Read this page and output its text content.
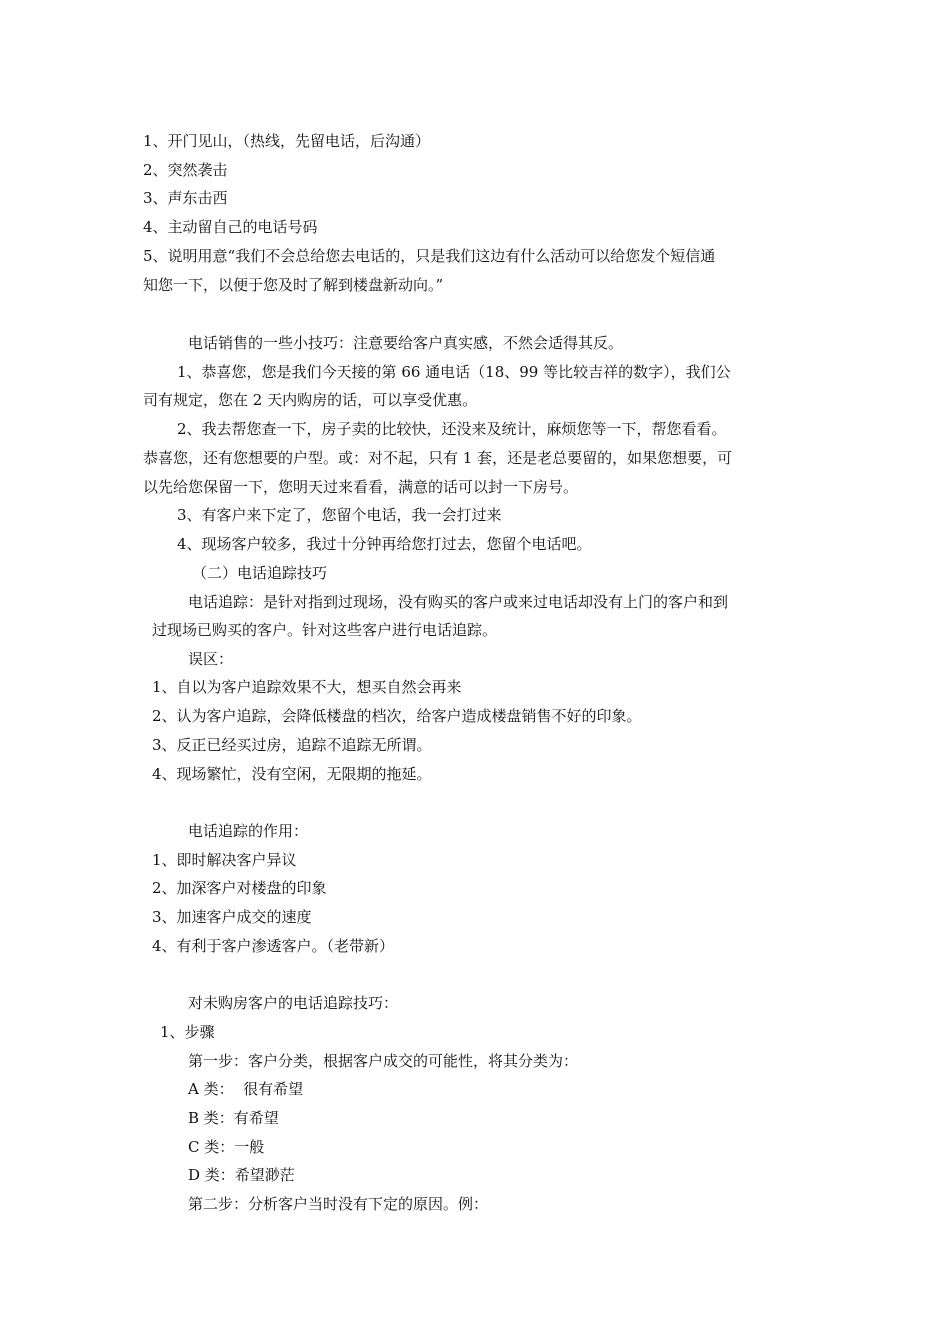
1、开门见山，（热线，先留电话，后沟通）
2、突然袭击
3、声东击西
4、主动留自己的电话号码
5、说明用意“我们不会总给您去电话的，只是我们这边有什么活动可以给您发个短信通
知您一下，以便于您及时了解到楼盘新动向。”
电话销售的一些小技巧：注意要给客户真实感，不然会适得其反。
1、恭喜您，您是我们今天接的第 66 通电话（18、99 等比较吉祥的数字），我们公
司有规定，您在 2 天内购房的话，可以享受优惠。
2、我去帮您查一下，房子卖的比较快，还没来及统计，麻烦您等一下，帮您看看。
恭喜您，还有您想要的户型。或：对不起，只有 1 套，还是老总要留的，如果您想要，可
以先给您保留一下，您明天过来看看，满意的话可以封一下房号。
3、有客户来下定了，您留个电话，我一会打过来
4、现场客户较多，我过十分钟再给您打过去，您留个电话吧。
（二）电话追踪技巧
电话追踪：是针对指到过现场，没有购买的客户或来过电话却没有上门的客户和到
过现场已购买的客户。针对这些客户进行电话追踪。
误区：
1、自以为客户追踪效果不大，想买自然会再来
2、认为客户追踪，会降低楼盘的档次，给客户造成楼盘销售不好的印象。
3、反正已经买过房，追踪不追踪无所谓。
4、现场繁忙，没有空闲，无限期的拖延。
电话追踪的作用：
1、即时解决客户异议
2、加深客户对楼盘的印象
3、加速客户成交的速度
4、有利于客户渗透客户。（老带新）
对未购房客户的电话追踪技巧：
1、步骤
第一步：客户分类，根据客户成交的可能性，将其分类为：
A 类：  很有希望
B 类：有希望
C 类：一般
D 类：希望渺茫
第二步：分析客户当时没有下定的原因。例：
